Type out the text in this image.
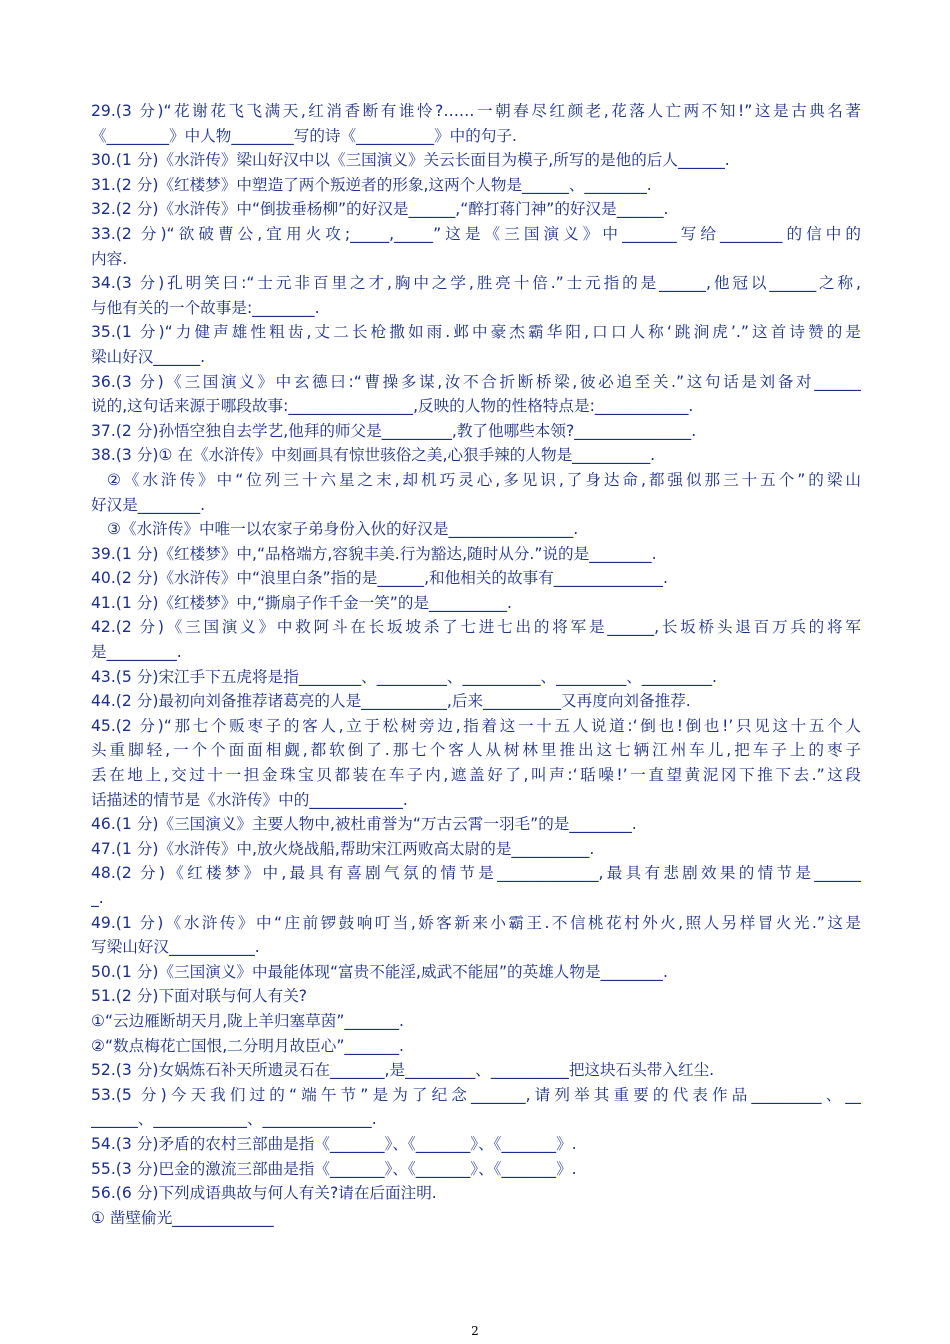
29.(3 分)“花谢花飞飞满天,红消香断有谁怜?……一朝春尽红颜老,花落人亡两不知!”这是古典名著
《________》中人物________写的诗《__________》中的句子.
30.(1 分)《水浒传》梁山好汉中以《三国演义》关云长面目为模子,所写的是他的后人______.
31.(2 分)《红楼梦》中塑造了两个叛逆者的形象,这两个人物是______、________.
32.(2 分)《水浒传》中“倒拔垂杨柳”的好汉是______,“醉打蒋门神”的好汉是______.
33.(2 分)“欲破曹公,宜用火攻;_____,_____”这是《三国演义》中_______写给________的信中的
内容.
34.(3 分)孔明笑曰:“士元非百里之才,胸中之学,胜亮十倍.”士元指的是______,他冠以______之称,
与他有关的一个故事是:________.
35.(1 分)“力健声雄性粗齿,丈二长枪撒如雨.邺中豪杰霸华阳,口口人称‘跳涧虎’.”这首诗赞的是
梁山好汉______.
36.(3 分)《三国演义》中玄德曰:“曹操多谋,汝不合折断桥梁,彼必追至关.”这句话是刘备对______
说的,这句话来源于哪段故事:________________,反映的人物的性格特点是:____________.
37.(2 分)孙悟空独自去学艺,他拜的师父是_________,教了他哪些本领?_______________.
38.(3 分)① 在《水浒传》中刻画具有惊世骇俗之美,心狠手辣的人物是__________.
②《水浒传》中“位列三十六星之末,却机巧灵心,多见识,了身达命,都强似那三十五个”的梁山
好汉是________.
③《水浒传》中唯一以农家子弟身份入伙的好汉是________________.
39.(1 分)《红楼梦》中,“品格端方,容貌丰美.行为豁达,随时从分.”说的是________.
40.(2 分)《水浒传》中“浪里白条”指的是______,和他相关的故事有______________.
41.(1 分)《红楼梦》中,“撕扇子作千金一笑”的是__________.
42.(2 分)《三国演义》中救阿斗在长坂坡杀了七进七出的将军是______,长坂桥头退百万兵的将军
是_________.
43.(5 分)宋江手下五虎将是指________、_________、__________、_________、_________.
44.(2 分)最初向刘备推荐诸葛亮的人是___________,后来__________又再度向刘备推荐.
45.(2 分)“那七个贩枣子的客人,立于松树旁边,指着这一十五人说道:‘倒也!倒也!’只见这十五个人
头重脚轻,一个个面面相觑,都软倒了.那七个客人从树林里推出这七辆江州车儿,把车子上的枣子
丢在地上,交过十一担金珠宝贝都装在车子内,遮盖好了,叫声:‘聒噪!’一直望黄泥冈下推下去.”这段
话描述的情节是《水浒传》中的____________.
46.(1 分)《三国演义》主要人物中,被杜甫誉为“万古云霄一羽毛”的是________.
47.(1 分)《水浒传》中,放火烧战船,帮助宋江两败高太尉的是__________.
48.(2 分)《红楼梦》中,最具有喜剧气氛的情节是_____________,最具有悲剧效果的情节是______
_.
49.(1 分)《水浒传》中“庄前锣鼓响叮当,娇客新来小霸王.不信桃花村外火,照人另样冒火光.”这是
写梁山好汉___________.
50.(1 分)《三国演义》中最能体现“富贵不能淫,威武不能屈”的英雄人物是________.
51.(2 分)下面对联与何人有关?
①“云边雁断胡天月,陇上羊归塞草茵”_______.
②“数点梅花亡国恨,二分明月故臣心”_______.
52.(3 分)女娲炼石补天所遗灵石在_______,是_________、__________把这块石头带入红尘.
53.(5 分)今天我们过的“端午节”是为了纪念_______,请列举其重要的代表作品_________、__
______、____________、______________.
54.(3 分)矛盾的农村三部曲是指《_______》、《_______》、《_______》.
55.(3 分)巴金的激流三部曲是指《_______》、《_______》、《_______》.
56.(6 分)下列成语典故与何人有关?请在后面注明.
① 凿壁偷光_____________
2
